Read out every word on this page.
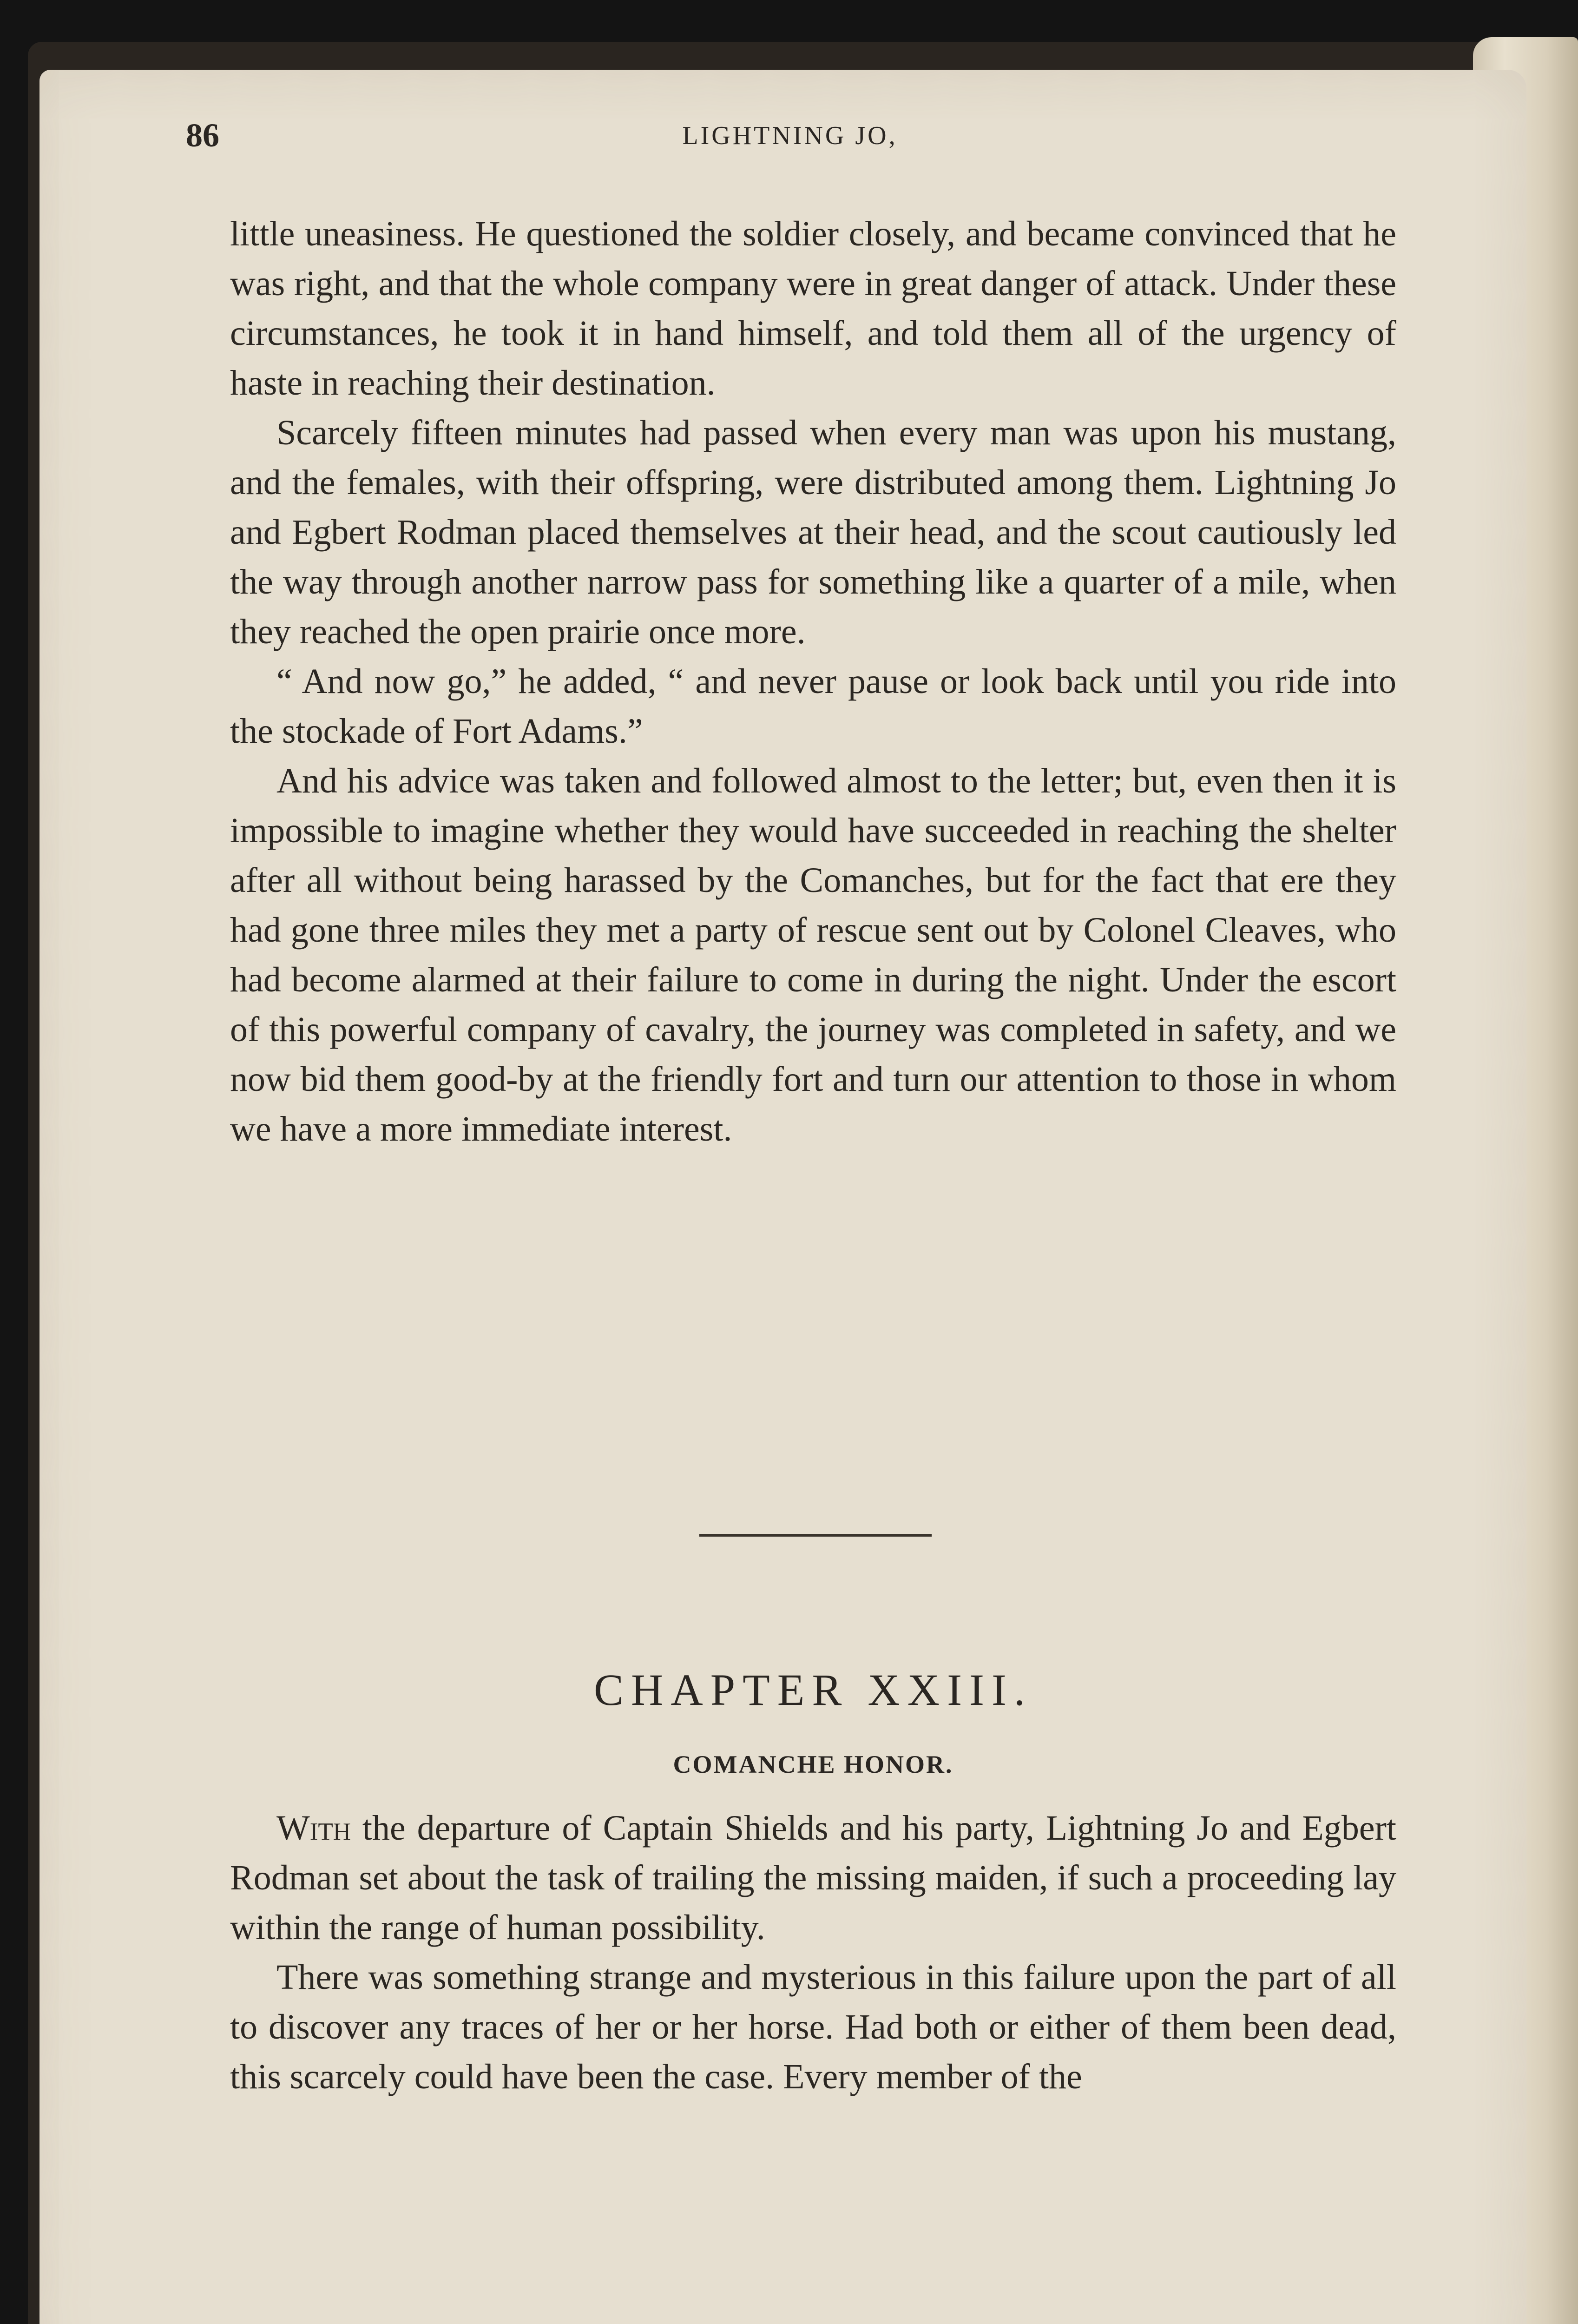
86	LIGHTNING JO,

little uneasiness. He questioned the soldier closely, and became convinced that he was right, and that the whole company were in great danger of attack. Under these circumstances, he took it in hand himself, and told them all of the urgency of haste in reaching their destination.

Scarcely fifteen minutes had passed when every man was upon his mustang, and the females, with their offspring, were distributed among them. Lightning Jo and Egbert Rodman placed themselves at their head, and the scout cautiously led the way through another narrow pass for something like a quarter of a mile, when they reached the open prairie once more.

“ And now go,” he added, “ and never pause or look back until you ride into the stockade of Fort Adams.”

And his advice was taken and followed almost to the letter; but, even then it is impossible to imagine whether they would have succeeded in reaching the shelter after all without being harassed by the Comanches, but for the fact that ere they had gone three miles they met a party of rescue sent out by Colonel Cleaves, who had become alarmed at their failure to come in during the night. Under the escort of this powerful company of cavalry, the journey was completed in safety, and we now bid them good-by at the friendly fort and turn our attention to those in whom we have a more immediate interest.

CHAPTER XXIII.
COMANCHE HONOR.

With the departure of Captain Shields and his party, Lightning Jo and Egbert Rodman set about the task of trailing the missing maiden, if such a proceeding lay within the range of human possibility.

There was something strange and mysterious in this failure upon the part of all to discover any traces of her or her horse. Had both or either of them been dead, this scarcely could have been the case. Every member of the
